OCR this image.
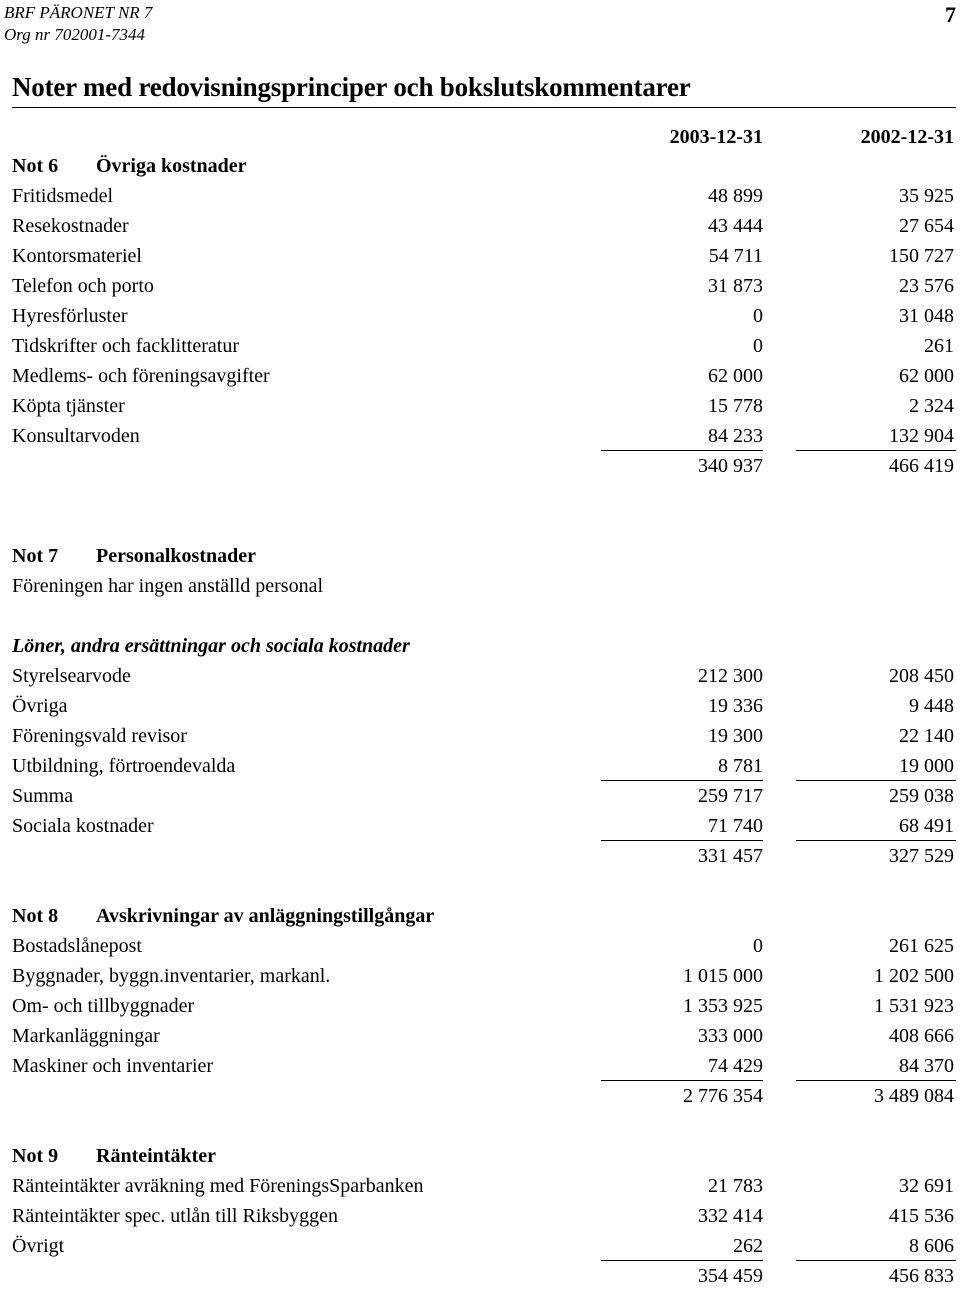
BRF PÄRONET NR 7
Org nr 702001-7344
7
Noter med redovisningsprinciper och bokslutskommentarer
2003-12-31	2002-12-31
Not 6 Övriga kostnader
Fritidsmedel	48 899	35 925
Resekostnader	43 444	27 654
Kontorsmateriel	54 711	150 727
Telefon och porto	31 873	23 576
Hyresförluster	0	31 048
Tidskrifter och facklitteratur	0	261
Medlems- och föreningsavgifter	62 000	62 000
Köpta tjänster	15 778	2 324
Konsultarvoden	84 233	132 904
340 937	466 419
Not 7 Personalkostnader
Föreningen har ingen anställd personal
Löner, andra ersättningar och sociala kostnader
Styrelsearvode	212 300	208 450
Övriga	19 336	9 448
Föreningsvald revisor	19 300	22 140
Utbildning, förtroendevalda	8 781	19 000
Summa	259 717	259 038
Sociala kostnader	71 740	68 491
331 457	327 529
Not 8 Avskrivningar av anläggningstillgångar
Bostadslånepost	0	261 625
Byggnader, byggn.inventarier, markanl.	1 015 000	1 202 500
Om- och tillbyggnader	1 353 925	1 531 923
Markanläggningar	333 000	408 666
Maskiner och inventarier	74 429	84 370
2 776 354	3 489 084
Not 9 Ränteintäkter
Ränteintäkter avräkning med FöreningsSparbanken	21 783	32 691
Ränteintäkter spec. utlån till Riksbyggen	332 414	415 536
Övrigt	262	8 606
354 459	456 833
